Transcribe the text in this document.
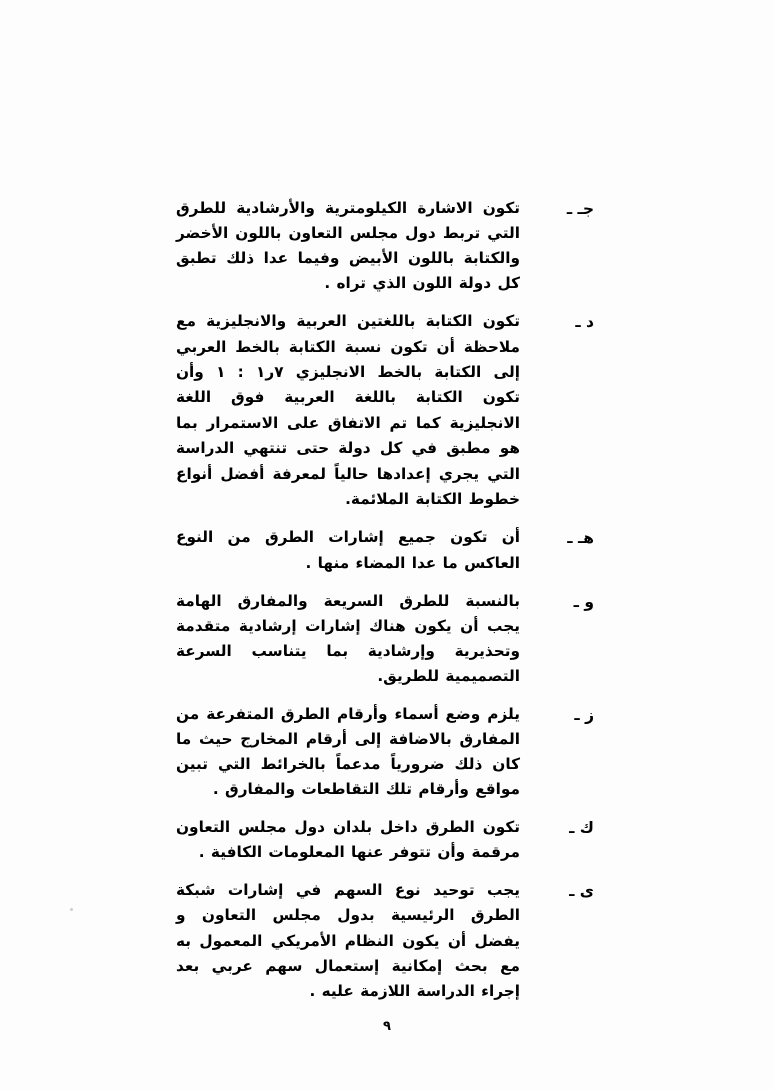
جـ ـ
تكون الاشارة الكيلومترية والأرشادية للطرق التي تربط دول مجلس التعاون باللون الأخضر والكتابة باللون الأبيض وفيما عدا ذلك تطبق كل دولة اللون الذي تراه .
د ـ
تكون الكتابة باللغتين العربية والانجليزية مع ملاحظة أن تكون نسبة الكتابة بالخط العربي إلى الكتابة بالخط الانجليزي ٧ر١ : ١ وأن تكون الكتابة باللغة العربية فوق اللغة الانجليزية كما تم الاتفاق على الاستمرار بما هو مطبق في كل دولة حتى تنتهي الدراسة التي يجري إعدادها حالياً لمعرفة أفضل أنواع خطوط الكتابة الملائمة.
هـ ـ
أن تكون جميع إشارات الطرق من النوع العاكس ما عدا المضاء منها .
و ـ
بالنسبة للطرق السريعة والمفارق الهامة يجب أن يكون هناك إشارات إرشادية متقدمة وتحذيرية وإرشادية بما يتناسب السرعة التصميمية للطريق.
ز ـ
يلزم وضع أسماء وأرقام الطرق المتفرعة من المفارق بالاضافة إلى أرقام المخارج حيث ما كان ذلك ضرورياً مدعماً بالخرائط التي تبين مواقع وأرقام تلك التقاطعات والمفارق .
ك ـ
تكون الطرق داخل بلدان دول مجلس التعاون مرقمة وأن تتوفر عنها المعلومات الكافية .
ى ـ
يجب توحيد نوع السهم في إشارات شبكة الطرق الرئيسية بدول مجلس التعاون و يفضل أن يكون النظام الأمريكي المعمول به مع بحث إمكانية إستعمال سهم عربي بعد إجراء الدراسة اللازمة عليه .
٩
